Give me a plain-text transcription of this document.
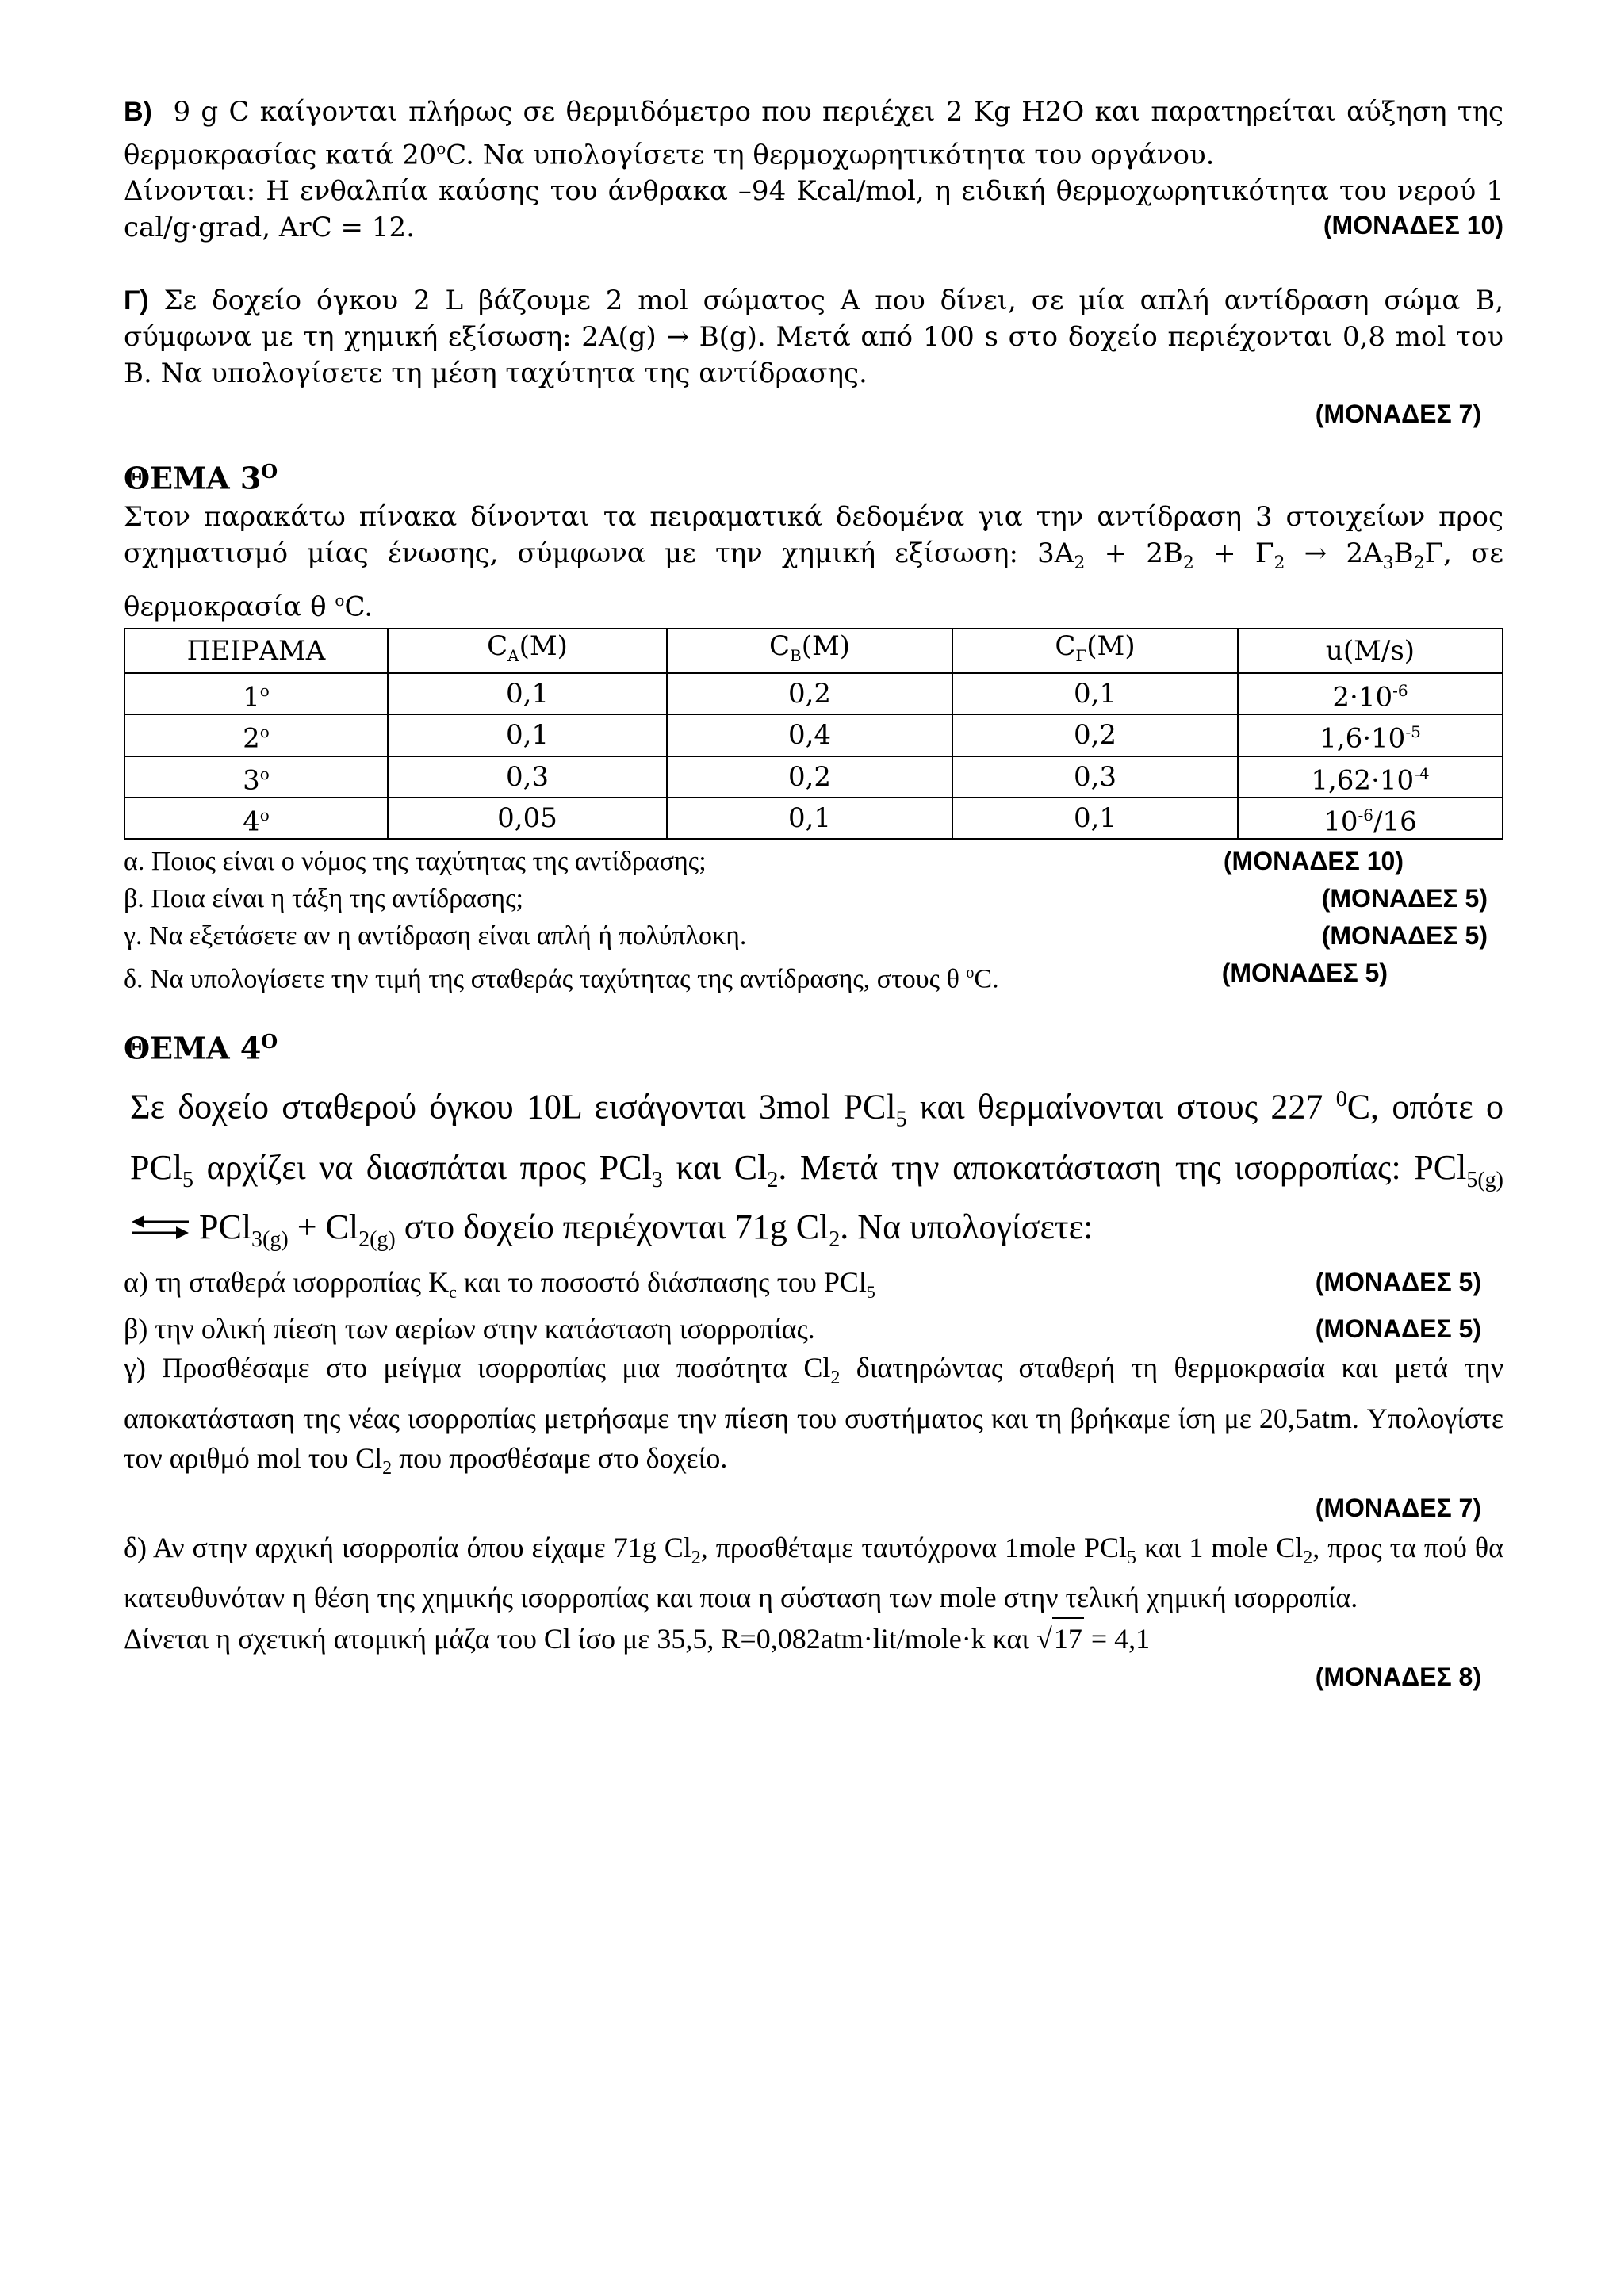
Β) 9 g C καίγονται πλήρως σε θερμιδόμετρο που περιέχει 2 Kg H2O και παρατηρείται αύξηση της θερμοκρασίας κατά $20^oC$. Να υπολογίσετε τη θερμοχωρητικότητα του οργάνου.

Δίνονται: Η ενθαλπία καύσης του άνθρακα –94 Kcal/mol, η ειδική θερμοχωρητικότητα του νερού 1 cal/g·grad, ArC = 12.	(ΜΟΝΑΔΕΣ 10)

Γ) Σε δοχείο όγκου 2 L βάζουμε 2 mol σώματος Α που δίνει, σε μία απλή αντίδραση σώμα Β, σύμφωνα με τη χημική εξίσωση: 2Α(g) → Β(g). Μετά από 100 s στο δοχείο περιέχονται 0,8 mol του Β. Να υπολογίσετε τη μέση ταχύτητα της αντίδρασης.

(ΜΟΝΑΔΕΣ 7)

ΘΕΜΑ $3^O$

Στον παρακάτω πίνακα δίνονται τα πειραματικά δεδομένα για την αντίδραση 3 στοιχείων προς σχηματισμό μίας ένωσης, σύμφωνα με την χημική εξίσωση: $3A_2 + 2B_2 + \Gamma_2 \to 2A_3B_2\Gamma$, σε θερμοκρασία θ $^o$C.

ΠΕΙΡΑΜΑ	$C_A(M)$	$C_B(M)$	$C_\Gamma(M)$	u(M/s)
$1^o$	0,1	0,2	0,1	$2\cdot 10^{-6}$
$2^o$	0,1	0,4	0,2	$1,6\cdot 10^{-5}$
$3^o$	0,3	0,2	0,3	$1,62\cdot 10^{-4}$
$4^o$	0,05	0,1	0,1	$10^{-6}/16$
α. Ποιος είναι ο νόμος της ταχύτητας της αντίδρασης;	(ΜΟΝΑΔΕΣ 10)
β. Ποια είναι η τάξη της αντίδρασης;	(ΜΟΝΑΔΕΣ 5)
γ. Να εξετάσετε αν η αντίδραση είναι απλή ή πολύπλοκη.	(ΜΟΝΑΔΕΣ 5)
δ. Να υπολογίσετε την τιμή της σταθεράς ταχύτητας της αντίδρασης, στους θ $^o$C.	(ΜΟΝΑΔΕΣ 5)

ΘΕΜΑ $4^O$

Σε δοχείο σταθερού όγκου 10L εισάγονται 3mol PCl$_5$ και θερμαίνονται στους 227 $^0$C, οπότε ο PCl$_5$ αρχίζει να διασπάται προς PCl$_3$ και $Cl_2$. Μετά την αποκατάσταση της ισορροπίας: PCl$_{5(g)}$ ⇌ $PCl_{3(g)} + Cl_{2(g)}$ στο δοχείο περιέχονται 71g $Cl_2$. Να υπολογίσετε:

α) τη σταθερά ισορροπίας $K_c$ και το ποσοστό διάσπασης του PCl$_5$	(ΜΟΝΑΔΕΣ 5)
β) την ολική πίεση των αερίων στην κατάσταση ισορροπίας.	(ΜΟΝΑΔΕΣ 5)

γ) Προσθέσαμε στο μείγμα ισορροπίας μια ποσότητα $Cl_2$ διατηρώντας σταθερή τη θερμοκρασία και μετά την αποκατάσταση της νέας ισορροπίας μετρήσαμε την πίεση του συστήματος και τη βρήκαμε ίση με 20,5atm. Υπολογίστε τον αριθμό mol του $Cl_2$ που προσθέσαμε στο δοχείο.

(ΜΟΝΑΔΕΣ 7)

δ) Αν στην αρχική ισορροπία όπου είχαμε 71g $Cl_2$, προσθέταμε ταυτόχρονα 1mole PCl$_5$ και 1 mole $Cl_2$, προς τα πού θα κατευθυνόταν η θέση της χημικής ισορροπίας και ποια η σύσταση των mole στην τελική χημική ισορροπία.

Δίνεται η σχετική ατομική μάζα του Cl ίσο με 35,5, R=0,082atm·lit/mole·k και √17 = 4,1

(ΜΟΝΑΔΕΣ 8)
